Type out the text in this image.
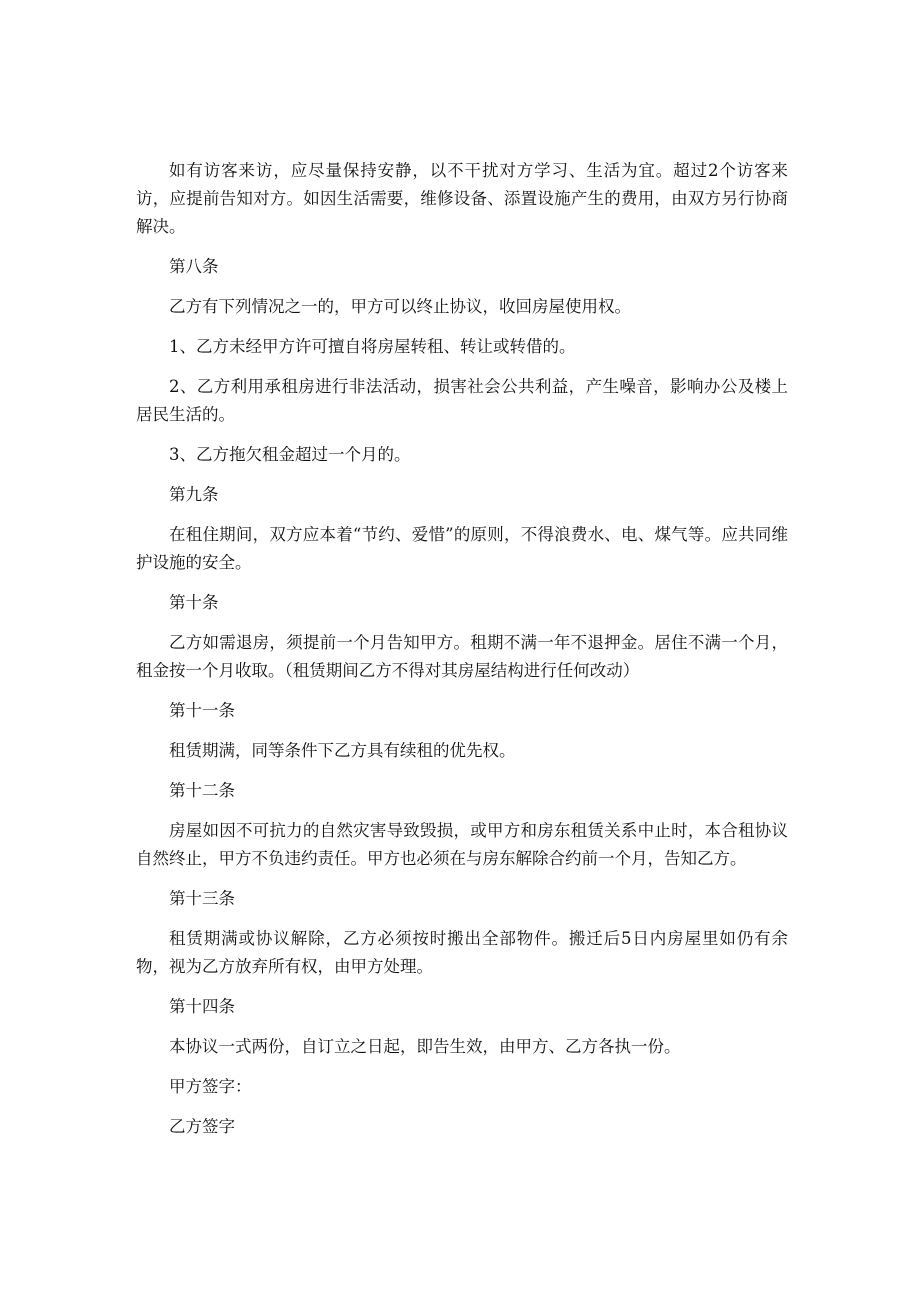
如有访客来访，应尽量保持安静，以不干扰对方学习、生活为宜。超过2个访客来访，应提前告知对方。如因生活需要，维修设备、添置设施产生的费用，由双方另行协商解决。

第八条

乙方有下列情况之一的，甲方可以终止协议，收回房屋使用权。

1、乙方未经甲方许可擅自将房屋转租、转让或转借的。

2、乙方利用承租房进行非法活动，损害社会公共利益，产生噪音，影响办公及楼上居民生活的。

3、乙方拖欠租金超过一个月的。

第九条

在租住期间，双方应本着“节约、爱惜”的原则，不得浪费水、电、煤气等。应共同维护设施的安全。

第十条

乙方如需退房，须提前一个月告知甲方。租期不满一年不退押金。居住不满一个月，租金按一个月收取。（租赁期间乙方不得对其房屋结构进行任何改动）

第十一条

租赁期满，同等条件下乙方具有续租的优先权。

第十二条

房屋如因不可抗力的自然灾害导致毁损，或甲方和房东租赁关系中止时，本合租协议自然终止，甲方不负违约责任。甲方也必须在与房东解除合约前一个月，告知乙方。

第十三条

租赁期满或协议解除，乙方必须按时搬出全部物件。搬迁后5日内房屋里如仍有余物，视为乙方放弃所有权，由甲方处理。

第十四条

本协议一式两份，自订立之日起，即告生效，由甲方、乙方各执一份。

甲方签字：

乙方签字
